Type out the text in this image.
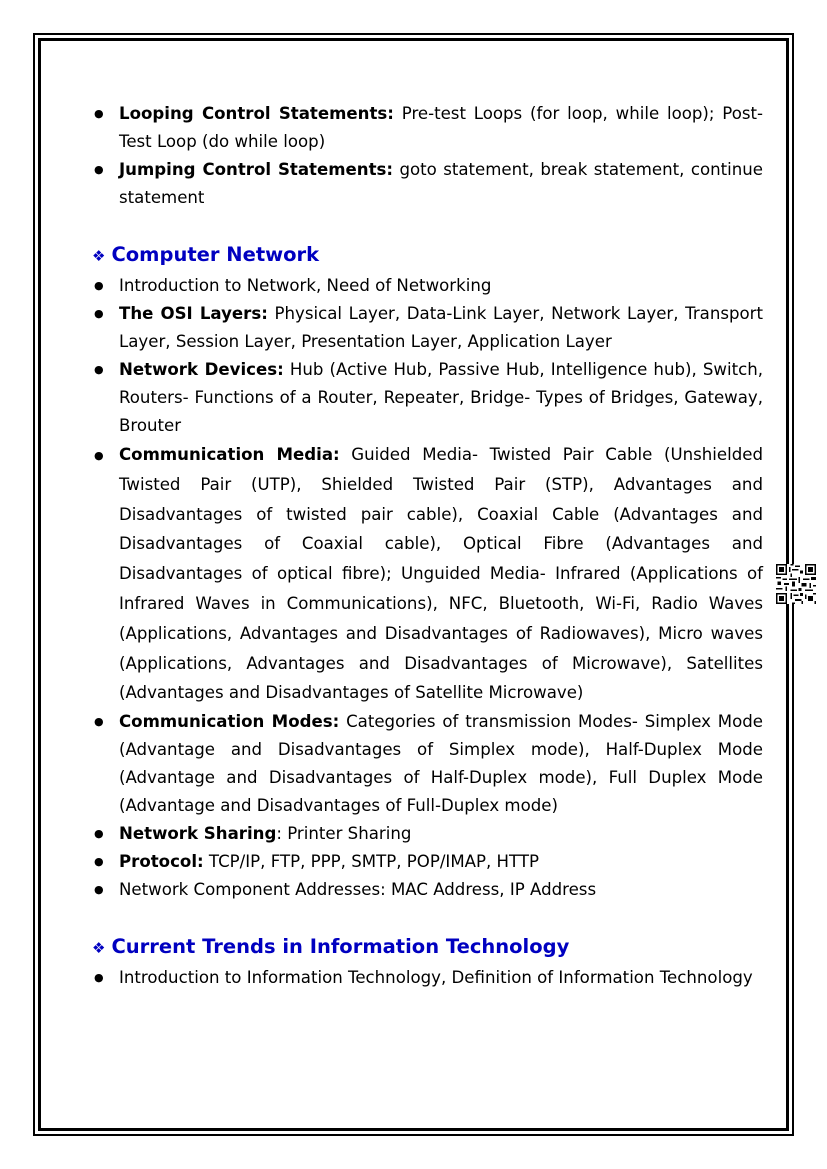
● Looping Control Statements: Pre-test Loops (for loop, while loop); Post-Test Loop (do while loop)
● Jumping Control Statements: goto statement, break statement, continue statement
❖ Computer Network
● Introduction to Network, Need of Networking
● The OSI Layers: Physical Layer, Data-Link Layer, Network Layer, Transport Layer, Session Layer, Presentation Layer, Application Layer
● Network Devices: Hub (Active Hub, Passive Hub, Intelligence hub), Switch, Routers- Functions of a Router, Repeater, Bridge- Types of Bridges, Gateway, Brouter
● Communication Media: Guided Media- Twisted Pair Cable (Unshielded Twisted Pair (UTP), Shielded Twisted Pair (STP), Advantages and Disadvantages of twisted pair cable), Coaxial Cable (Advantages and Disadvantages of Coaxial cable), Optical Fibre (Advantages and Disadvantages of optical fibre); Unguided Media- Infrared (Applications of Infrared Waves in Communications), NFC, Bluetooth, Wi-Fi, Radio Waves (Applications, Advantages and Disadvantages of Radiowaves), Micro waves (Applications, Advantages and Disadvantages of Microwave), Satellites (Advantages and Disadvantages of Satellite Microwave)
● Communication Modes: Categories of transmission Modes- Simplex Mode (Advantage and Disadvantages of Simplex mode), Half-Duplex Mode (Advantage and Disadvantages of Half-Duplex mode), Full Duplex Mode (Advantage and Disadvantages of Full-Duplex mode)
● Network Sharing: Printer Sharing
● Protocol: TCP/IP, FTP, PPP, SMTP, POP/IMAP, HTTP
● Network Component Addresses: MAC Address, IP Address
❖ Current Trends in Information Technology
● Introduction to Information Technology, Definition of Information Technology
